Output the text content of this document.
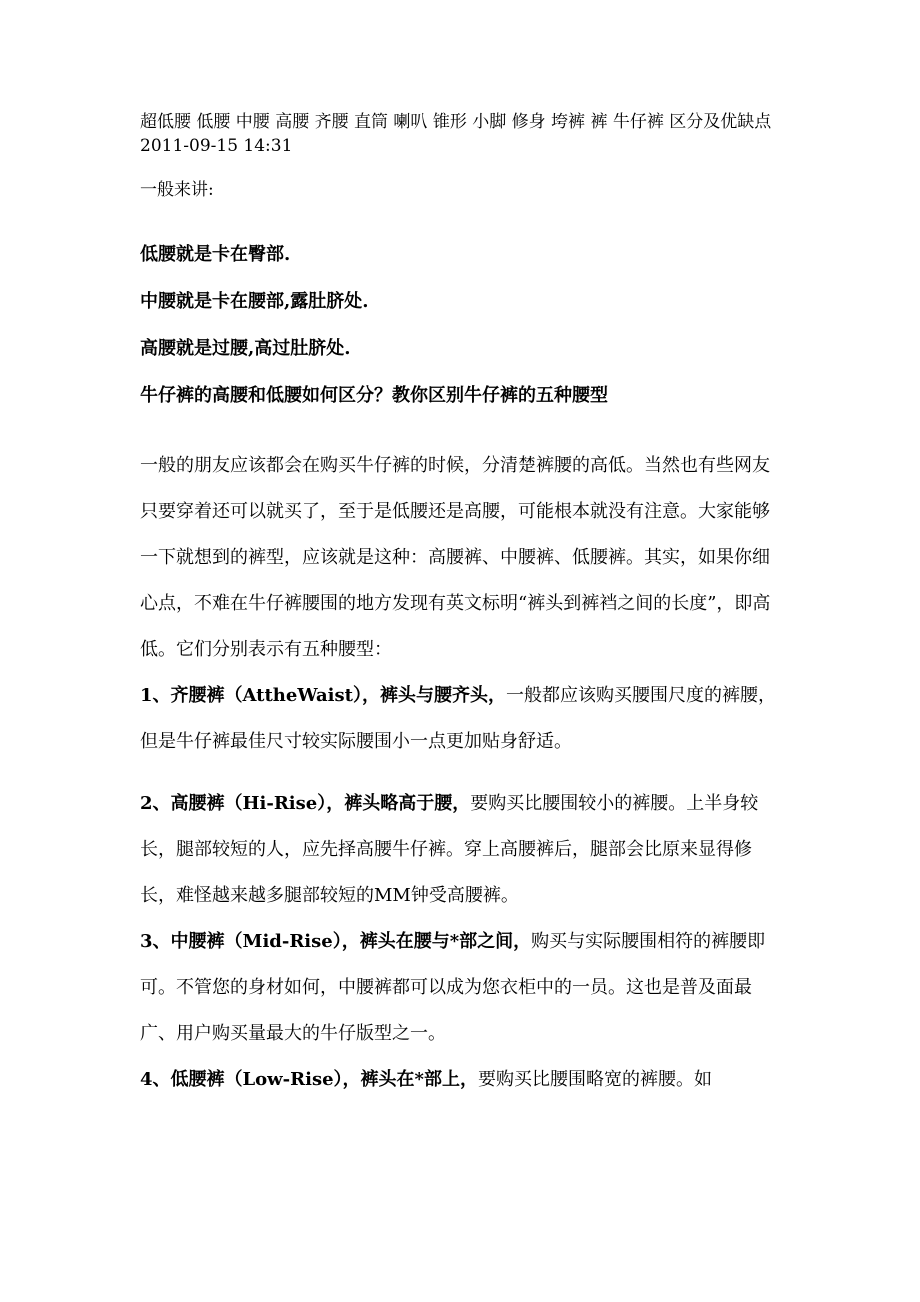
超低腰 低腰 中腰 高腰 齐腰 直筒 喇叭 锥形 小脚 修身 垮裤 裤 牛仔裤 区分及优缺点

2011-09-15 14:31

一般来讲:

低腰就是卡在臀部.

中腰就是卡在腰部,露肚脐处.

高腰就是过腰,高过肚脐处.

牛仔裤的高腰和低腰如何区分？教你区别牛仔裤的五种腰型

一般的朋友应该都会在购买牛仔裤的时候，分清楚裤腰的高低。当然也有些网友只要穿着还可以就买了，至于是低腰还是高腰，可能根本就没有注意。大家能够一下就想到的裤型，应该就是这种：高腰裤、中腰裤、低腰裤。其实，如果你细心点，不难在牛仔裤腰围的地方发现有英文标明“裤头到裤裆之间的长度”，即高低。它们分别表示有五种腰型：

1、齐腰裤（AttheWaist），裤头与腰齐头，一般都应该购买腰围尺度的裤腰，但是牛仔裤最佳尺寸较实际腰围小一点更加贴身舒适。

2、高腰裤（Hi-Rise），裤头略高于腰，要购买比腰围较小的裤腰。上半身较长，腿部较短的人，应先择高腰牛仔裤。穿上高腰裤后，腿部会比原来显得修长，难怪越来越多腿部较短的MM钟受高腰裤。

3、中腰裤（Mid-Rise），裤头在腰与*部之间，购买与实际腰围相符的裤腰即可。不管您的身材如何，中腰裤都可以成为您衣柜中的一员。这也是普及面最广、用户购买量最大的牛仔版型之一。

4、低腰裤（Low-Rise），裤头在*部上，要购买比腰围略宽的裤腰。如
